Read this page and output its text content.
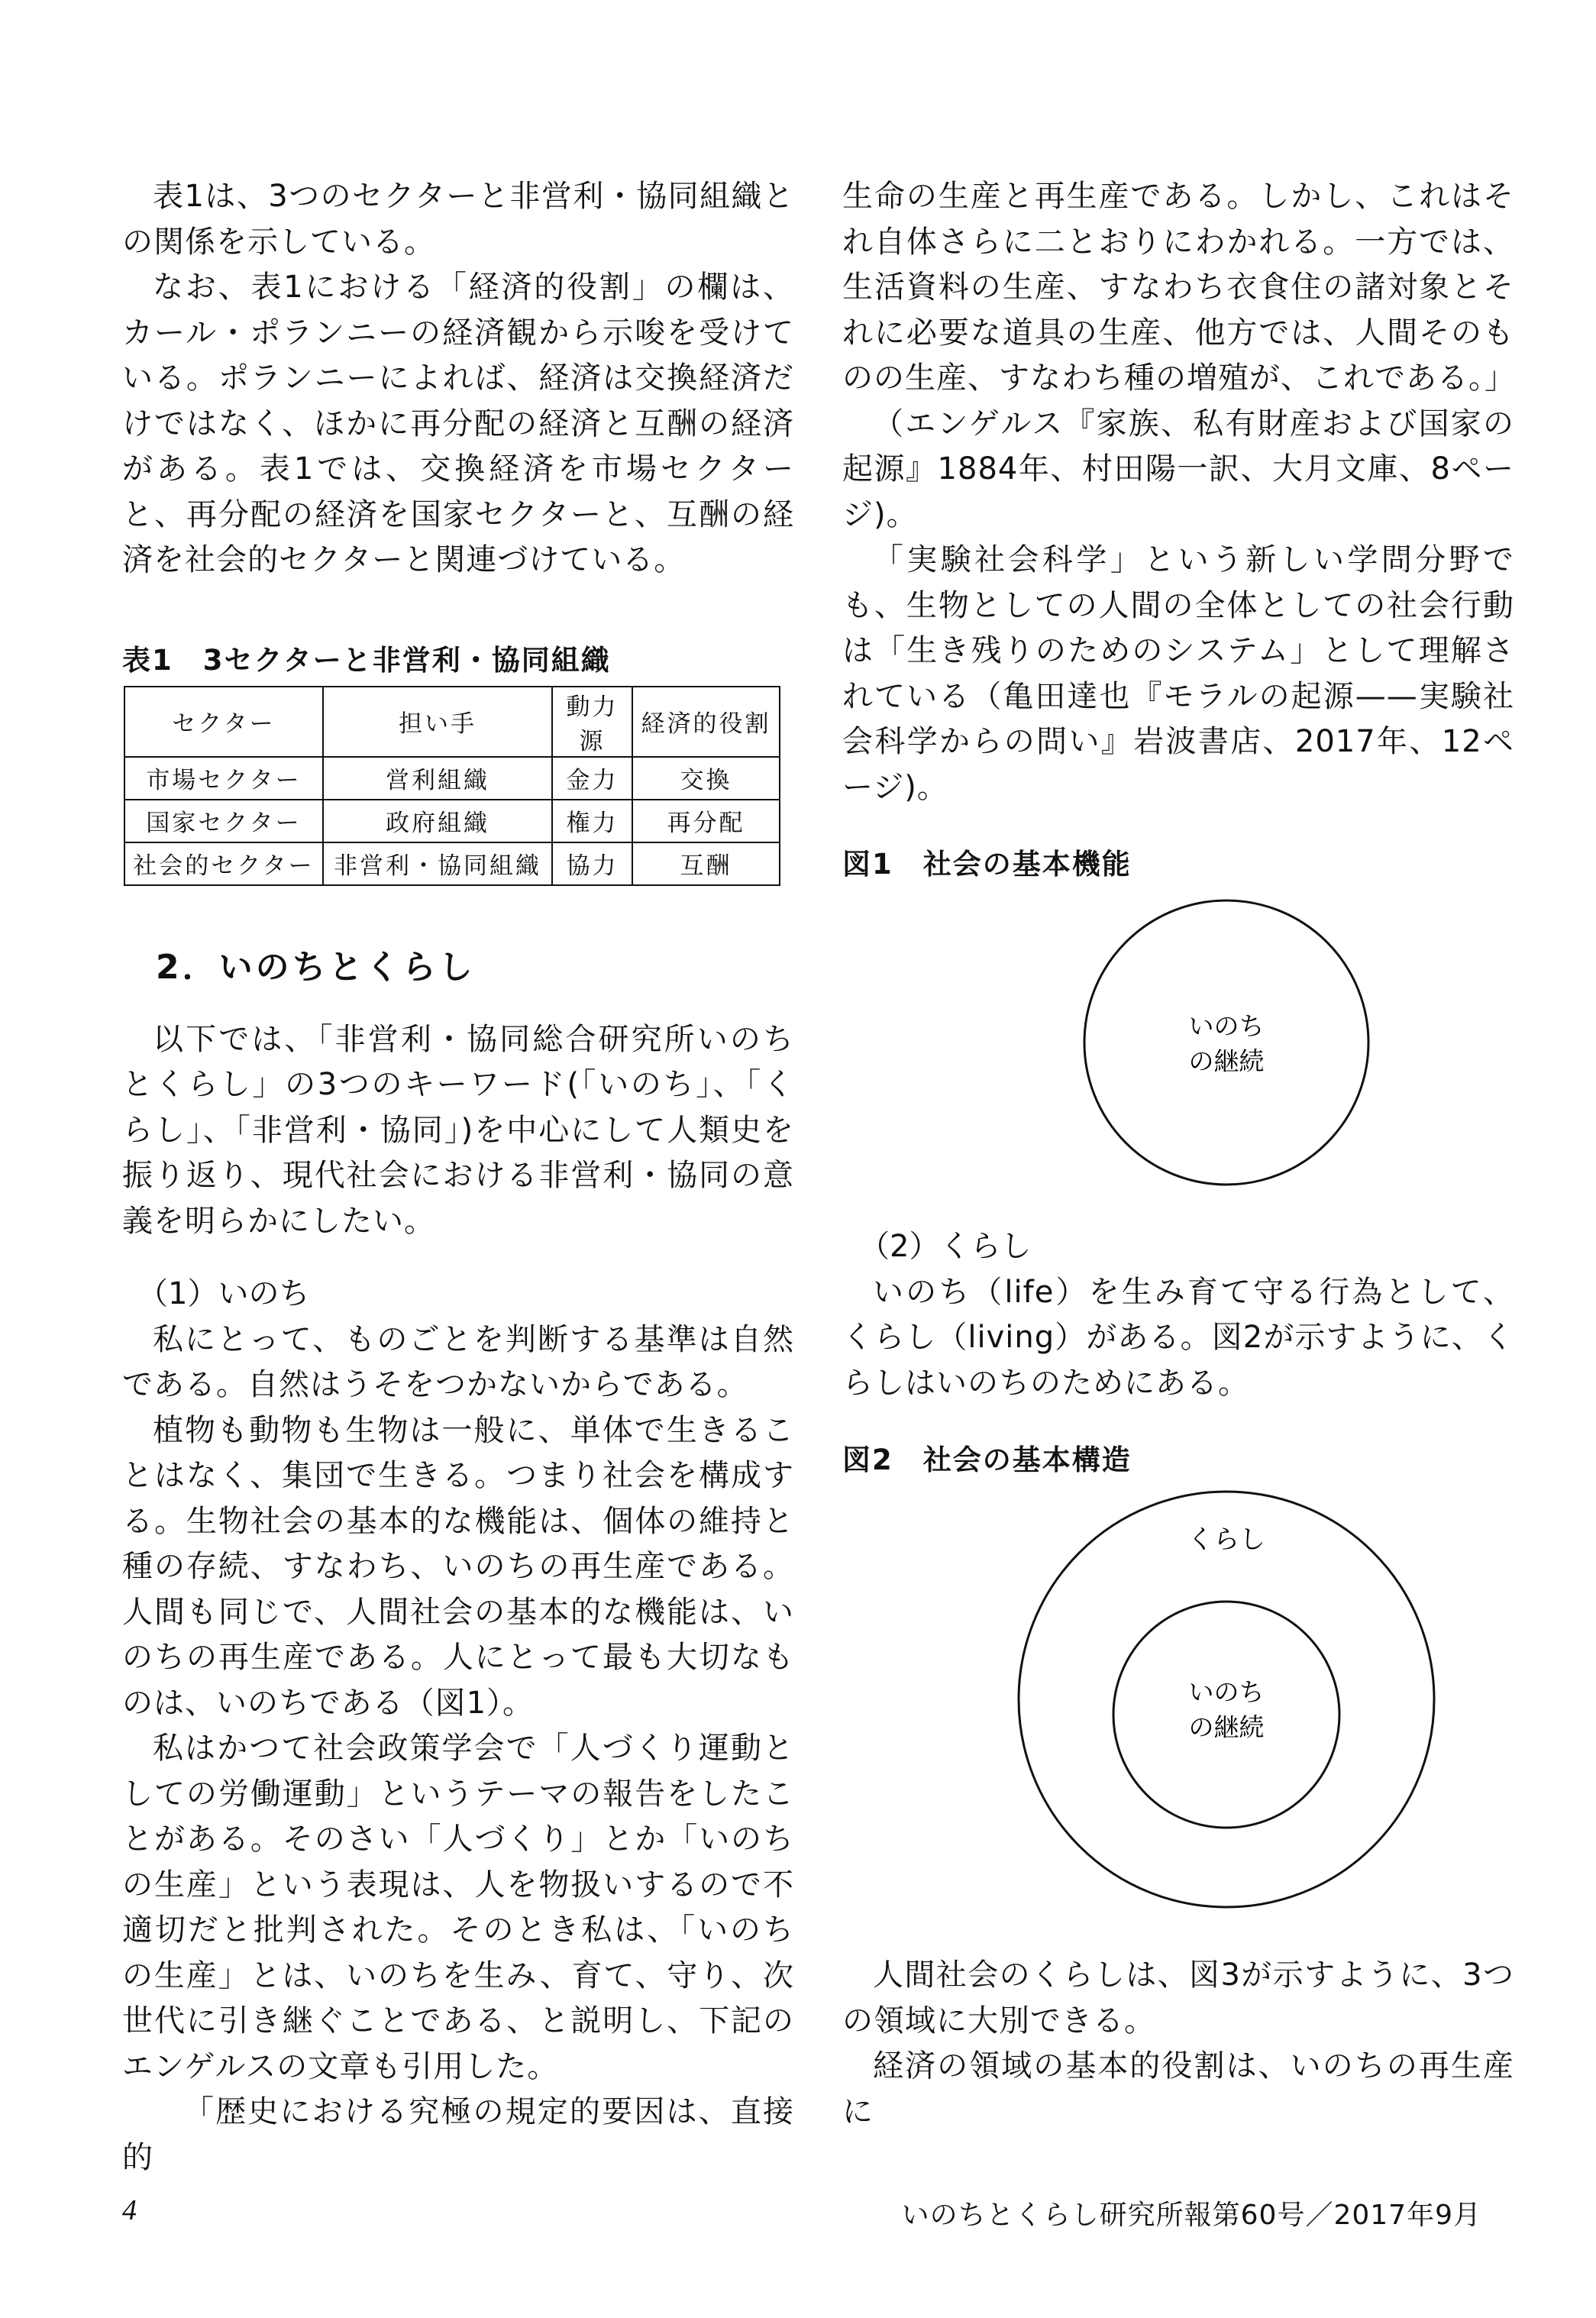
表1は、3つのセクターと非営利・協同組織との関係を示している。

なお、表1における「経済的役割」の欄は、カール・ポランニーの経済観から示唆を受けている。ポランニーによれば、経済は交換経済だけではなく、ほかに再分配の経済と互酬の経済がある。表1では、交換経済を市場セクターと、再分配の経済を国家セクターと、互酬の経済を社会的セクターと関連づけている。

表1　3セクターと非営利・協同組織
セクター	担い手	動力源	経済的役割
市場セクター	営利組織	金力	交換
国家セクター	政府組織	権力	再分配
社会的セクター	非営利・協同組織	協力	互酬
2．いのちとくらし

以下では、「非営利・協同総合研究所いのちとくらし」の3つのキーワード(「いのち」、「くらし」、「非営利・協同」)を中心にして人類史を振り返り、現代社会における非営利・協同の意義を明らかにしたい。

（1）いのち

私にとって、ものごとを判断する基準は自然である。自然はうそをつかないからである。

植物も動物も生物は一般に、単体で生きることはなく、集団で生きる。つまり社会を構成する。生物社会の基本的な機能は、個体の維持と種の存続、すなわち、いのちの再生産である。人間も同じで、人間社会の基本的な機能は、いのちの再生産である。人にとって最も大切なものは、いのちである（図1）。

私はかつて社会政策学会で「人づくり運動としての労働運動」というテーマの報告をしたことがある。そのさい「人づくり」とか「いのちの生産」という表現は、人を物扱いするので不適切だと批判された。そのとき私は、「いのちの生産」とは、いのちを生み、育て、守り、次世代に引き継ぐことである、と説明し、下記のエンゲルスの文章も引用した。

「歴史における究極の規定的要因は、直接的

生命の生産と再生産である。しかし、これはそれ自体さらに二とおりにわかれる。一方では、生活資料の生産、すなわち衣食住の諸対象とそれに必要な道具の生産、他方では、人間そのものの生産、すなわち種の増殖が、これである。」

（エンゲルス『家族、私有財産および国家の起源』1884年、村田陽一訳、大月文庫、8ページ)。

「実験社会科学」という新しい学問分野でも、生物としての人間の全体としての社会行動は「生き残りのためのシステム」として理解されている（亀田達也『モラルの起源——実験社会科学からの問い』岩波書店、2017年、12ページ)。

図1　社会の基本機能
いのち
の継続
（2）くらし

いのち（life）を生み育て守る行為として、くらし（living）がある。図2が示すように、くらしはいのちのためにある。

図2　社会の基本構造
くらし
いのち
の継続

人間社会のくらしは、図3が示すように、3つの領域に大別できる。

経済の領域の基本的役割は、いのちの再生産に

4	いのちとくらし研究所報第60号／2017年9月
